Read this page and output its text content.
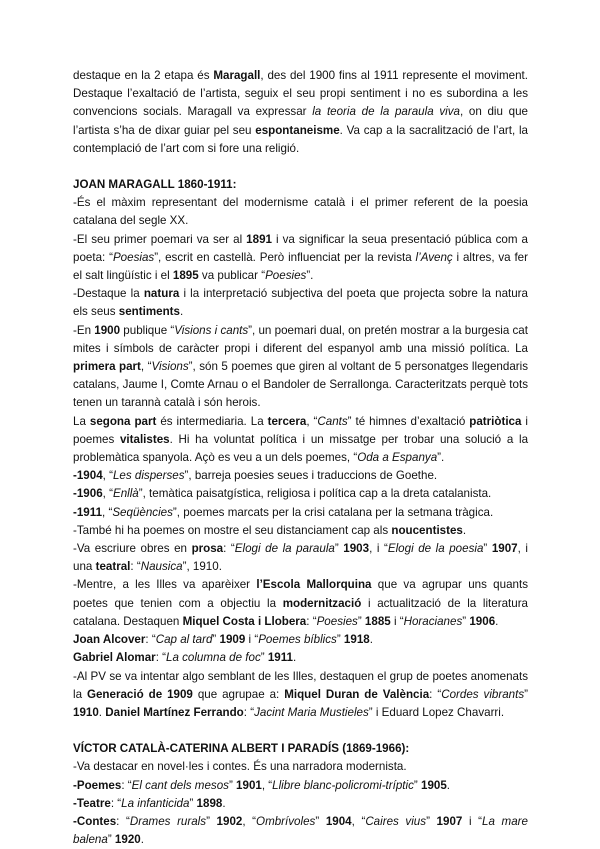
destaque en la 2 etapa és Maragall, des del 1900 fins al 1911 represente el moviment. Destaque l’exaltació de l’artista, seguix el seu propi sentiment i no es subordina a les convencions socials. Maragall va expressar la teoria de la paraula viva, on diu que l’artista s’ha de dixar guiar pel seu espontaneisme. Va cap a la sacralització de l’art, la contemplació de l’art com si fore una religió.

JOAN MARAGALL 1860-1911:

-És el màxim representant del modernisme català i el primer referent de la poesia catalana del segle XX.

-El seu primer poemari va ser al 1891 i va significar la seua presentació pública com a poeta: “Poesias”, escrit en castellà. Però influenciat per la revista l’Avenç i altres, va fer el salt lingüístic i el 1895 va publicar “Poesies”.

-Destaque la natura i la interpretació subjectiva del poeta que projecta sobre la natura els seus sentiments.

-En 1900 publique “Visions i cants”, un poemari dual, on pretén mostrar a la burgesia cat mites i símbols de caràcter propi i diferent del espanyol amb una missió política. La primera part, “Visions”, són 5 poemes que giren al voltant de 5 personatges llegendaris catalans, Jaume I, Comte Arnau o el Bandoler de Serrallonga. Caracteritzats perquè tots tenen un tarannà català i són herois.

La segona part és intermediaria. La tercera, “Cants” té himnes d’exaltació patriòtica i poemes vitalistes. Hi ha voluntat política i un missatge per trobar una solució a la problemàtica spanyola. Açò es veu a un dels poemes, “Oda a Espanya”.

-1904, “Les disperses”, barreja poesies seues i traduccions de Goethe.

-1906, “Enllà”, temàtica paisatgística, religiosa i política cap a la dreta catalanista.

-1911, “Seqüències”, poemes marcats per la crisi catalana per la setmana tràgica.

-També hi ha poemes on mostre el seu distanciament cap als noucentistes.

-Va escriure obres en prosa: “Elogi de la paraula” 1903, i “Elogi de la poesia” 1907, i una teatral: “Nausica”, 1910.

-Mentre, a les Illes va aparèixer l’Escola Mallorquina que va agrupar uns quants poetes que tenien com a objectiu la modernització i actualització de la literatura catalana. Destaquen Miquel Costa i Llobera: “Poesies” 1885 i “Horacianes” 1906.

Joan Alcover: “Cap al tard” 1909 i “Poemes bíblics” 1918.

Gabriel Alomar: “La columna de foc” 1911.

-Al PV se va intentar algo semblant de les Illes, destaquen el grup de poetes anomenats la Generació de 1909 que agrupae a: Miquel Duran de València: “Cordes vibrants” 1910. Daniel Martínez Ferrando: “Jacint Maria Mustieles” i Eduard Lopez Chavarri.

VÍCTOR CATALÀ-CATERINA ALBERT I PARADÍS (1869-1966):

-Va destacar en novel·les i contes. És una narradora modernista.

-Poemes: “El cant dels mesos” 1901, “Llibre blanc-policromi-tríptic” 1905.

-Teatre: “La infanticida” 1898.

-Contes: “Drames rurals” 1902, “Ombrívoles” 1904, “Caires vius” 1907 i “La mare balena” 1920.
